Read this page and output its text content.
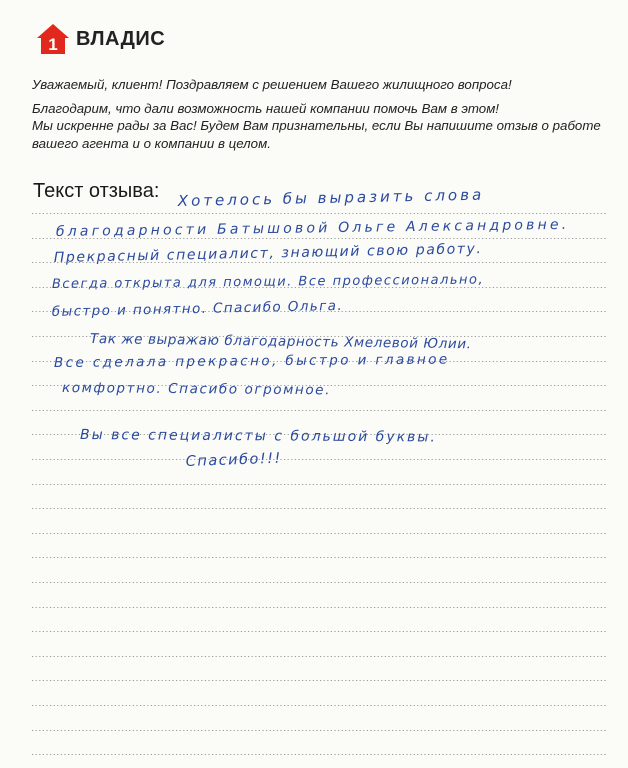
1 ВЛАДИС

Уважаемый, клиент! Поздравляем с решением Вашего жилищного вопроса!

Благодарим, что дали возможность нашей компании помочь Вам в этом!
Мы искренне рады за Вас! Будем Вам признательны, если Вы напишите отзыв о работе
вашего агента и о компании в целом.

Текст отзыва: Хотелось бы выразить слова
благодарности Батышовой Ольге Александровне.
Прекрасный специалист, знающий свою работу.
Всегда открыта для помощи. Все профессионально,
быстро и понятно. Спасибо Ольга.
Так же выражаю благодарность Хмелевой Юлии.
Все сделала прекрасно, быстро и главное
комфортно. Спасибо огромное.
Вы все специалисты с большой буквы.
Спасибо!!!
